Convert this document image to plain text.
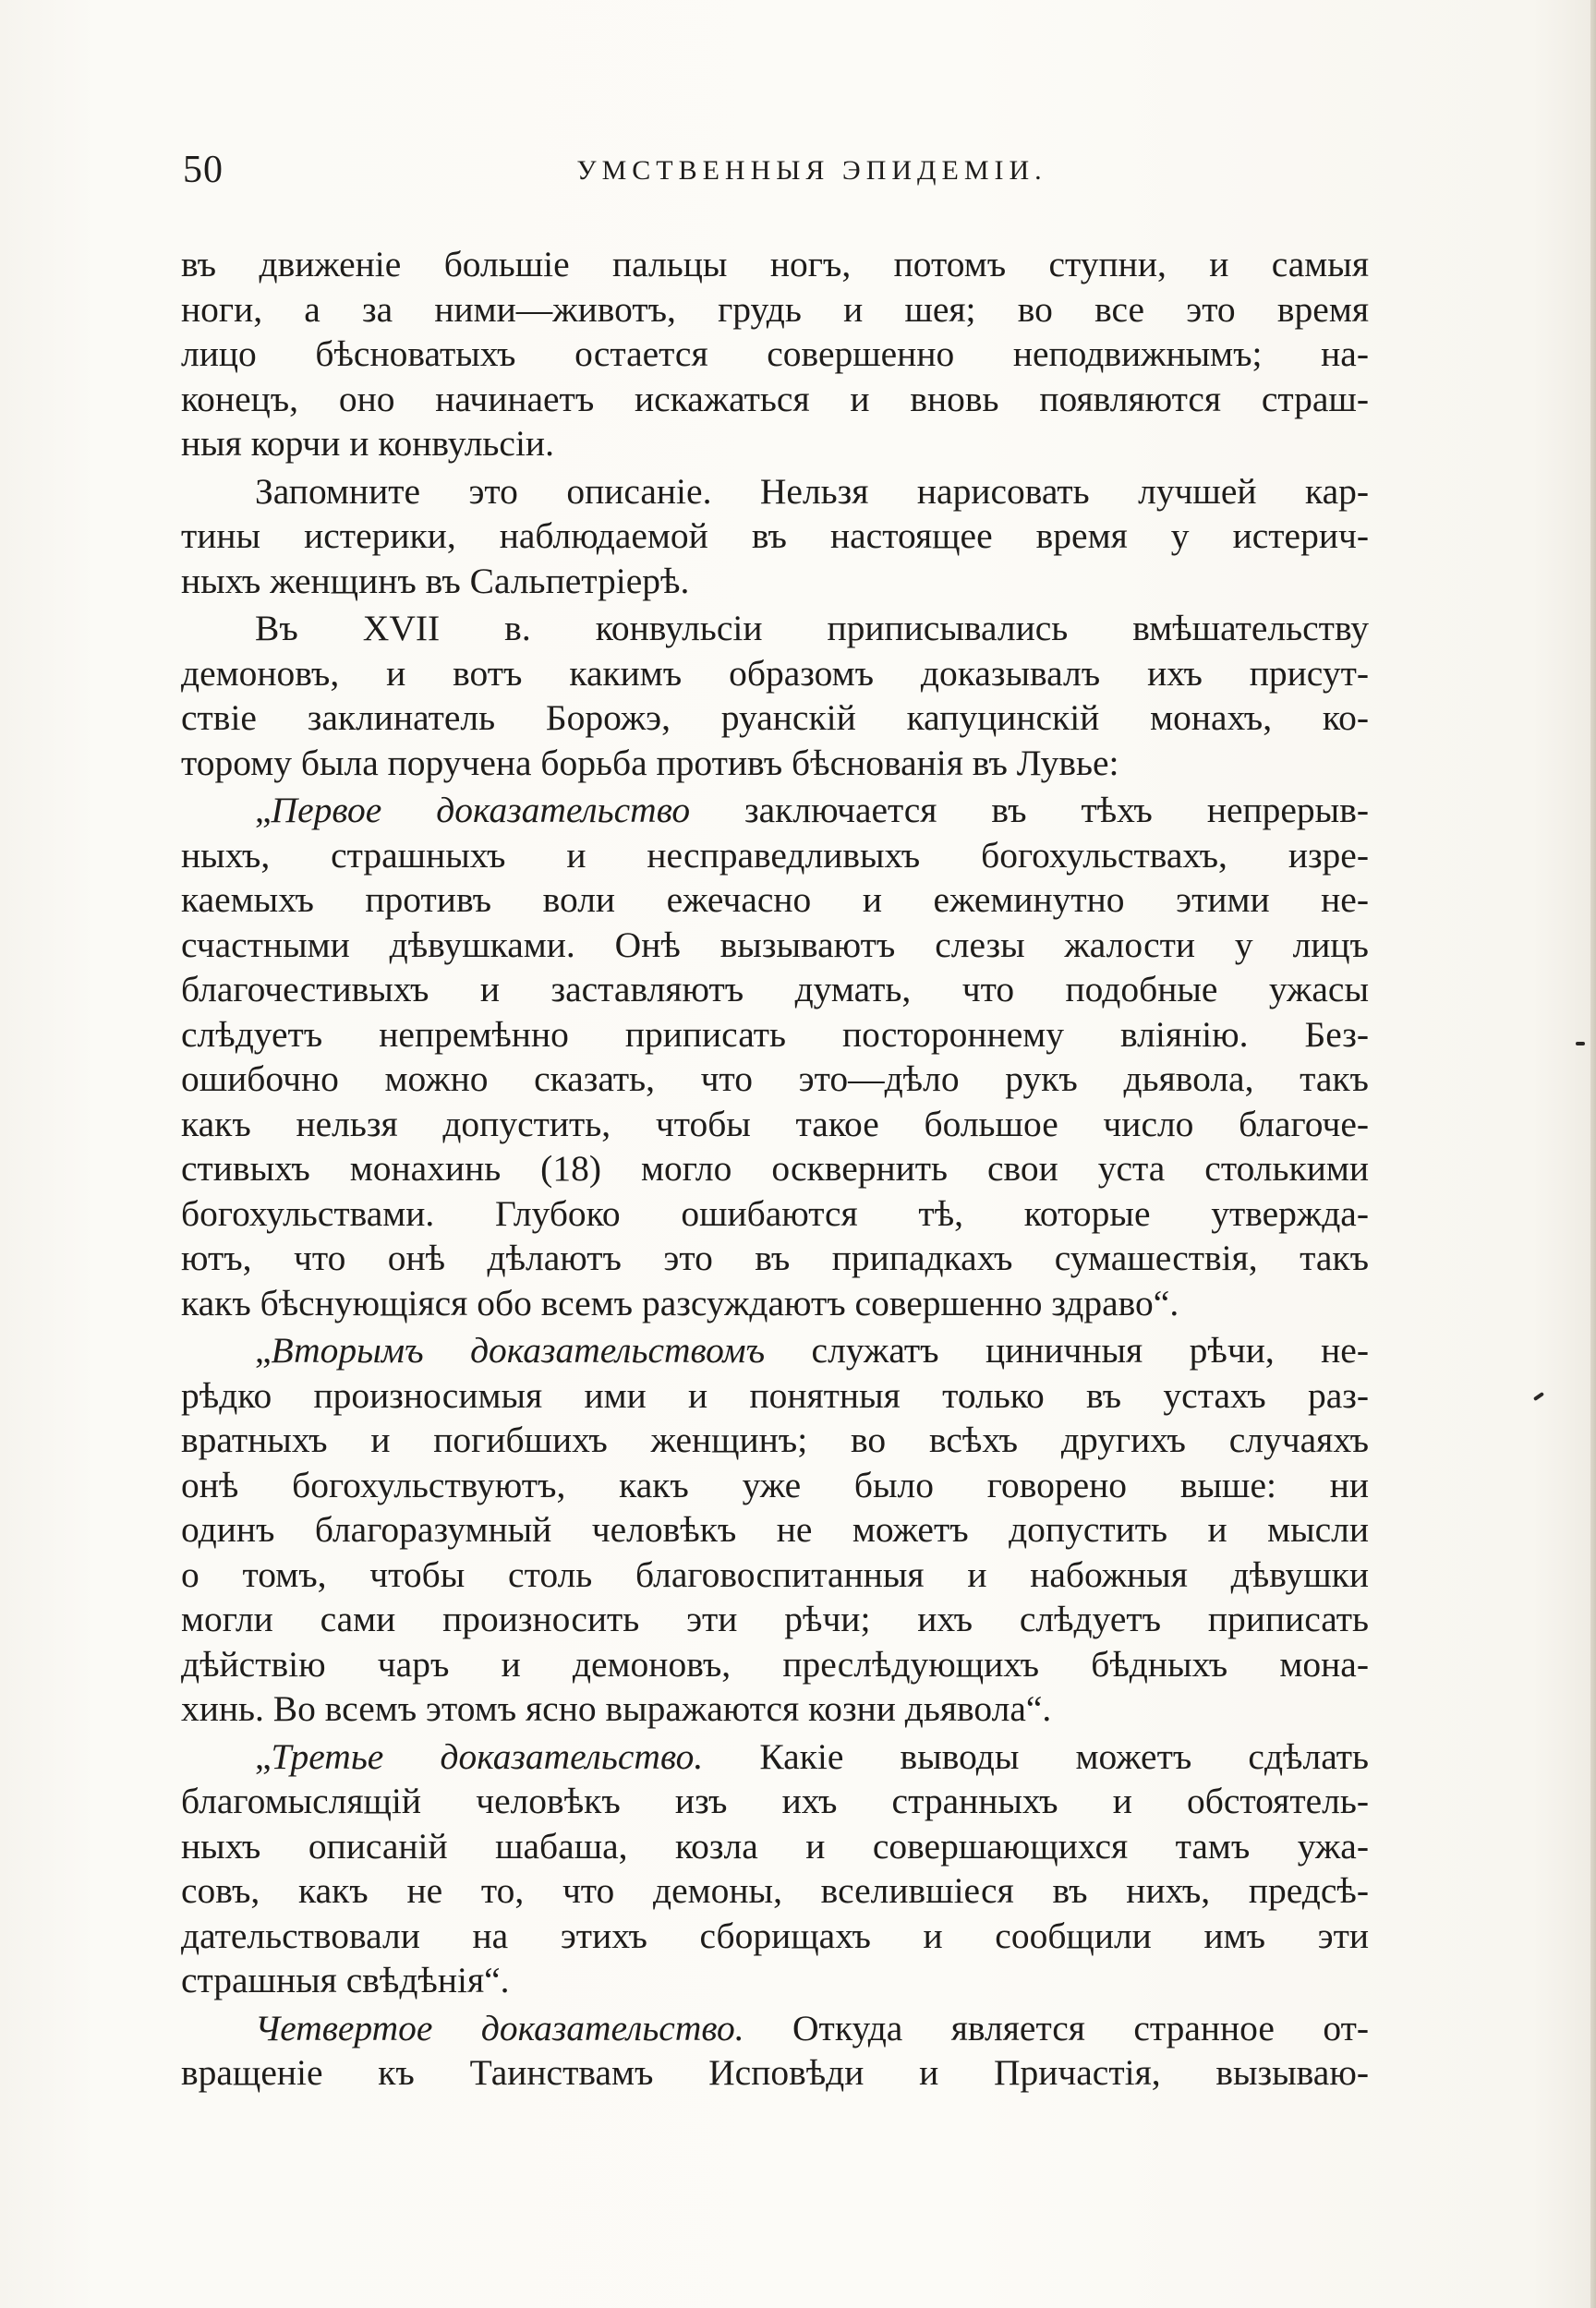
50	УМСТВЕННЫЯ ЭПИДЕМІИ.
въ движеніе большіе пальцы ногъ, потомъ ступни, и самыя
ноги, а за ними—животъ, грудь и шея; во все это время
лицо бѣсноватыхъ остается совершенно неподвижнымъ; на-
конецъ, оно начинаетъ искажаться и вновь появляются страш-
ныя корчи и конвульсіи.
Запомните это описаніе. Нельзя нарисовать лучшей кар-
тины истерики, наблюдаемой въ настоящее время у истерич-
ныхъ женщинъ въ Сальпетріерѣ.
Въ XVII в. конвульсіи приписывались вмѣшательству
демоновъ, и вотъ какимъ образомъ доказывалъ ихъ присут-
ствіе заклинатель Борожэ, руанскій капуцинскій монахъ, ко-
торому была поручена борьба противъ бѣснованія въ Лувье:
„Первое доказательство заключается въ тѣхъ непрерыв-
ныхъ, страшныхъ и несправедливыхъ богохульствахъ, изре-
каемыхъ противъ воли ежечасно и ежеминутно этими не-
счастными дѣвушками. Онѣ вызываютъ слезы жалости у лицъ
благочестивыхъ и заставляютъ думать, что подобные ужасы
слѣдуетъ непремѣнно приписать постороннему вліянію. Без-
ошибочно можно сказать, что это—дѣло рукъ дьявола, такъ
какъ нельзя допустить, чтобы такое большое число благоче-
стивыхъ монахинь (18) могло осквернить свои уста столькими
богохульствами. Глубоко ошибаются тѣ, которые утвержда-
ютъ, что онѣ дѣлаютъ это въ припадкахъ сумашествія, такъ
какъ бѣснующіяся обо всемъ разсуждаютъ совершенно здраво“.
„Вторымъ доказательствомъ служатъ циничныя рѣчи, не-
рѣдко произносимыя ими и понятныя только въ устахъ раз-
вратныхъ и погибшихъ женщинъ; во всѣхъ другихъ случаяхъ
онѣ богохульствуютъ, какъ уже было говорено выше: ни
одинъ благоразумный человѣкъ не можетъ допустить и мысли
о томъ, чтобы столь благовоспитанныя и набожныя дѣвушки
могли сами произносить эти рѣчи; ихъ слѣдуетъ приписать
дѣйствію чаръ и демоновъ, преслѣдующихъ бѣдныхъ мона-
хинь. Во всемъ этомъ ясно выражаются козни дьявола“.
„Третье доказательство. Какіе выводы можетъ сдѣлать
благомыслящій человѣкъ изъ ихъ странныхъ и обстоятель-
ныхъ описаній шабаша, козла и совершающихся тамъ ужа-
совъ, какъ не то, что демоны, вселившіеся въ нихъ, предсѣ-
дательствовали на этихъ сборищахъ и сообщили имъ эти
страшныя свѣдѣнія“.
Четвертое доказательство. Откуда является странное от-
вращеніе къ Таинствамъ Исповѣди и Причастія, вызываю-
